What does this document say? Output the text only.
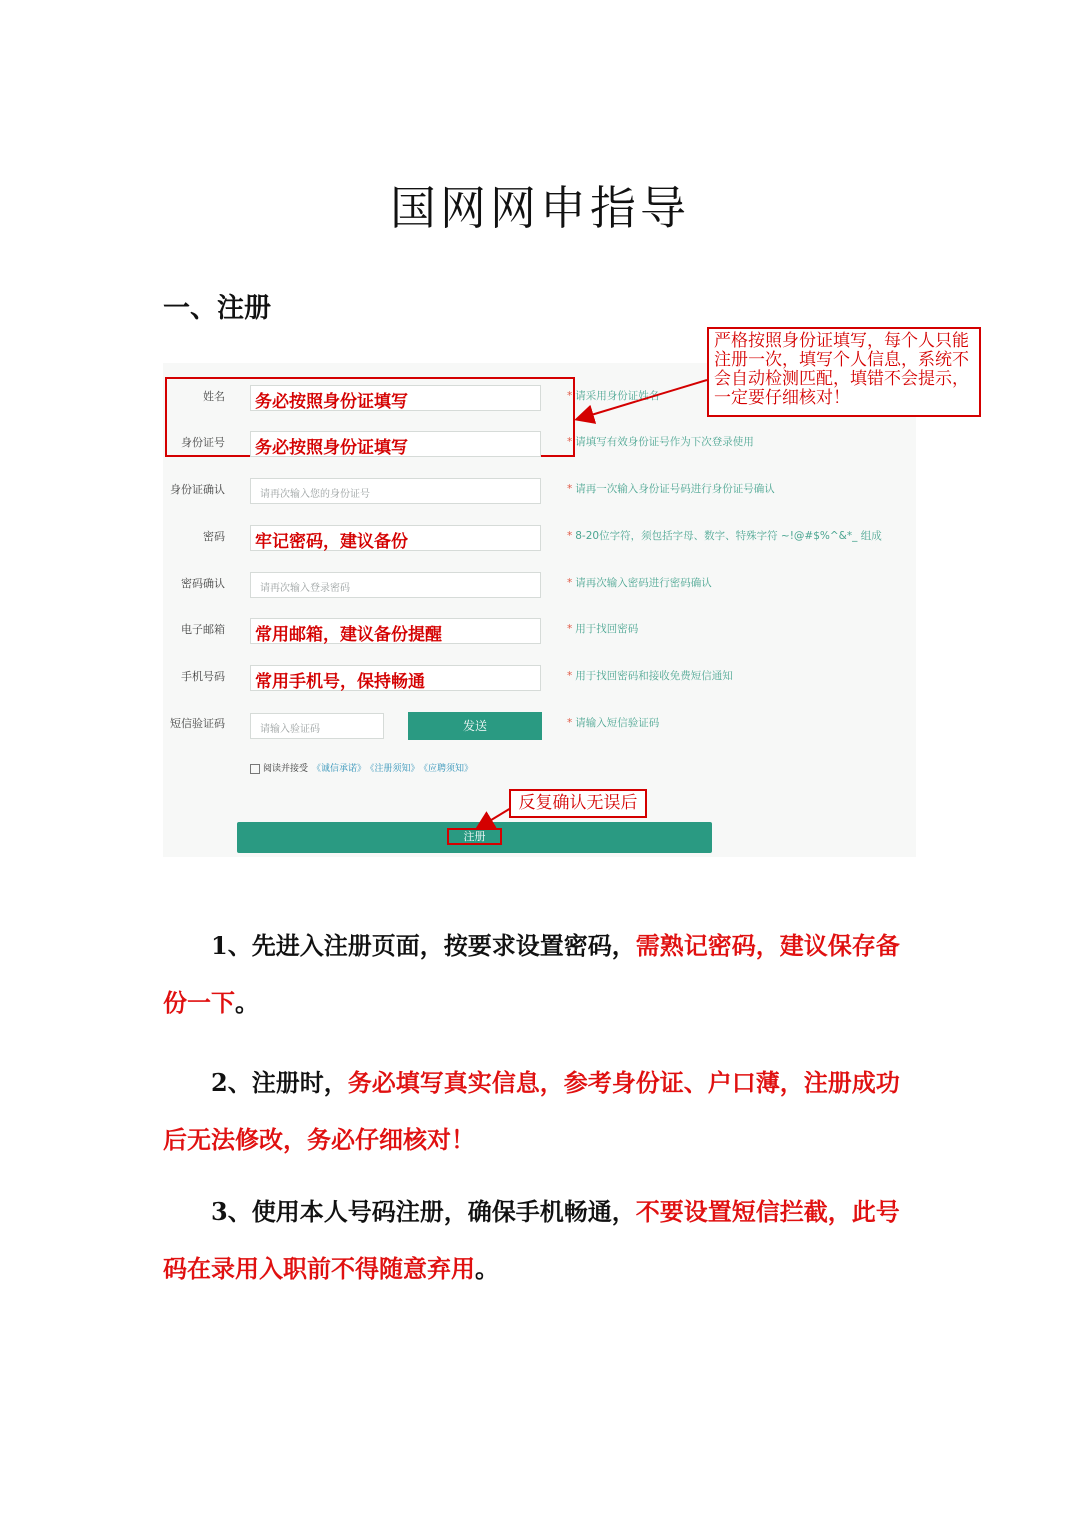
国网网申指导
一、注册
姓名 务必按照身份证填写	* 请采用身份证姓名
身份证号 务必按照身份证填写	* 请填写有效身份证号作为下次登录使用
身份证确认	请再次输入您的身份证号	* 请再一次输入身份证号码进行身份证号确认
密码 牢记密码，建议备份	* 8-20位字符，须包括字母、数字、特殊字符 ~!@#$%^&*_ 组成
密码确认	请再次输入登录密码	* 请再次输入密码进行密码确认
电子邮箱 常用邮箱，建议备份提醒	* 用于找回密码
手机号码 常用手机号，保持畅通	* 用于找回密码和接收免费短信通知
短信验证码	请输入验证码	发送	* 请输入短信验证码
阅读并接受 《诚信承诺》 《注册须知》 《应聘须知》
注册
严格按照身份证填写，每个人只能注册一次，填写个人信息，系统不会自动检测匹配，填错不会提示，一定要仔细核对！
反复确认无误后
1、先进入注册页面，按要求设置密码，需熟记密码，建议保存备份一下。
2、注册时，务必填写真实信息，参考身份证、户口薄，注册成功后无法修改，务必仔细核对！
3、使用本人号码注册，确保手机畅通，不要设置短信拦截，此号码在录用入职前不得随意弃用。
